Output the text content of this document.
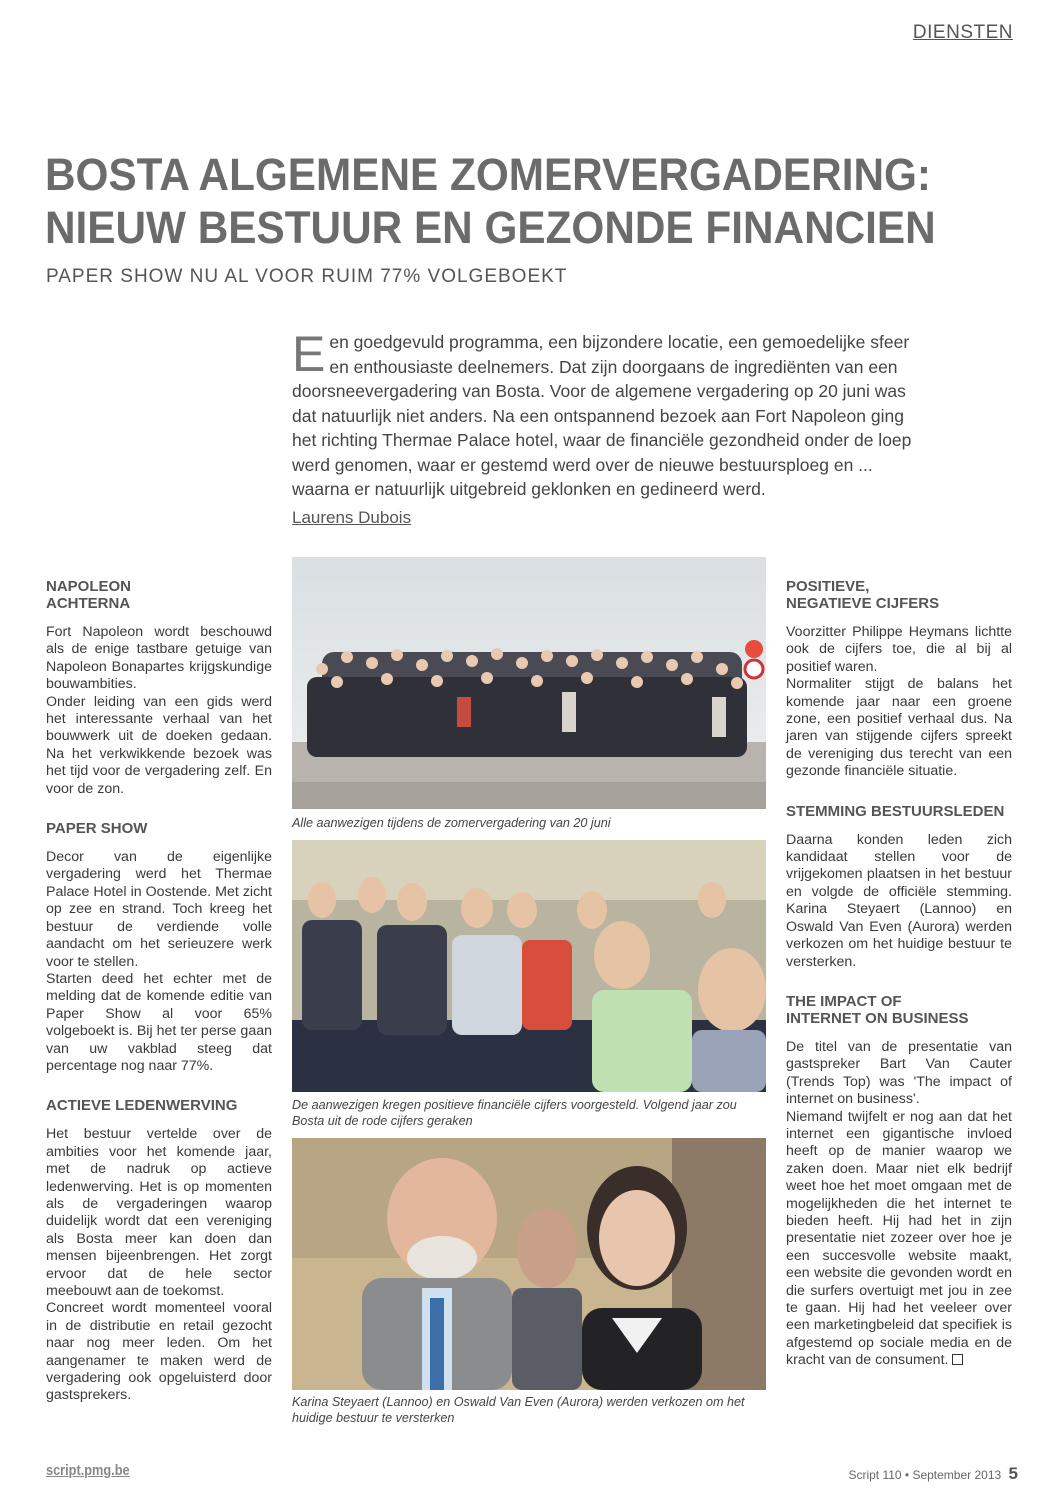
DIENSTEN
BOSTA ALGEMENE ZOMERVERGADERING:
NIEUW BESTUUR EN GEZONDE FINANCIEN
PAPER SHOW NU AL VOOR RUIM 77% VOLGEBOEKT

Een goedgevuld programma, een bijzondere locatie, een gemoedelijke sfeer en enthousiaste deelnemers. Dat zijn doorgaans de ingrediënten van een doorsneevergadering van Bosta. Voor de algemene vergadering op 20 juni was dat natuurlijk niet anders. Na een ontspannend bezoek aan Fort Napoleon ging het richting Thermae Palace hotel, waar de financiële gezondheid onder de loep werd genomen, waar er gestemd werd over de nieuwe bestuursploeg en ... waarna er natuurlijk uitgebreid geklonken en gedineerd werd.

Laurens Dubois
NAPOLEON
ACHTERNA

Fort Napoleon wordt beschouwd als de enige tastbare getuige van Napoleon Bonapartes krijgskundige bouwambities.

Onder leiding van een gids werd het interessante verhaal van het bouwwerk uit de doeken gedaan. Na het verkwikkende bezoek was het tijd voor de vergadering zelf. En voor de zon.

PAPER SHOW

Decor van de eigenlijke vergadering werd het Thermae Palace Hotel in Oostende. Met zicht op zee en strand. Toch kreeg het bestuur de verdiende volle aandacht om het serieuzere werk voor te stellen.

Starten deed het echter met de melding dat de komende editie van Paper Show al voor 65% volgeboekt is. Bij het ter perse gaan van uw vakblad steeg dat percentage nog naar 77%.

ACTIEVE LEDENWERVING

Het bestuur vertelde over de ambities voor het komende jaar, met de nadruk op actieve ledenwerving. Het is op momenten als de vergaderingen waarop duidelijk wordt dat een vereniging als Bosta meer kan doen dan mensen bijeenbrengen. Het zorgt ervoor dat de hele sector meebouwt aan de toekomst.

Concreet wordt momenteel vooral in de distributie en retail gezocht naar nog meer leden. Om het aangenamer te maken werd de vergadering ook opgeluisterd door gastsprekers.

Alle aanwezigen tijdens de zomervergadering van 20 juni
De aanwezigen kregen positieve financiële cijfers voorgesteld. Volgend jaar zou Bosta uit de rode cijfers geraken
Karina Steyaert (Lannoo) en Oswald Van Even (Aurora) werden verkozen om het huidige bestuur te versterken
POSITIEVE,
NEGATIEVE CIJFERS

Voorzitter Philippe Heymans lichtte ook de cijfers toe, die al bij al positief waren.

Normaliter stijgt de balans het komende jaar naar een groene zone, een positief verhaal dus. Na jaren van stijgende cijfers spreekt de vereniging dus terecht van een gezonde financiële situatie.

STEMMING BESTUURSLEDEN

Daarna konden leden zich kandidaat stellen voor de vrijgekomen plaatsen in het bestuur en volgde de officiële stemming. Karina Steyaert (Lannoo) en Oswald Van Even (Aurora) werden verkozen om het huidige bestuur te versterken.

THE IMPACT OF
INTERNET ON BUSINESS

De titel van de presentatie van gastspreker Bart Van Cauter (Trends Top) was 'The impact of internet on business'.

Niemand twijfelt er nog aan dat het internet een gigantische invloed heeft op de manier waarop we zaken doen. Maar niet elk bedrijf weet hoe het moet omgaan met de mogelijkheden die het internet te bieden heeft. Hij had het in zijn presentatie niet zozeer over hoe je een succesvolle website maakt, een website die gevonden wordt en die surfers overtuigt met jou in zee te gaan. Hij had het veeleer over een marketingbeleid dat specifiek is afgestemd op sociale media en de kracht van de consument.

script.pmg.be	Script 110 • September 2013 5
